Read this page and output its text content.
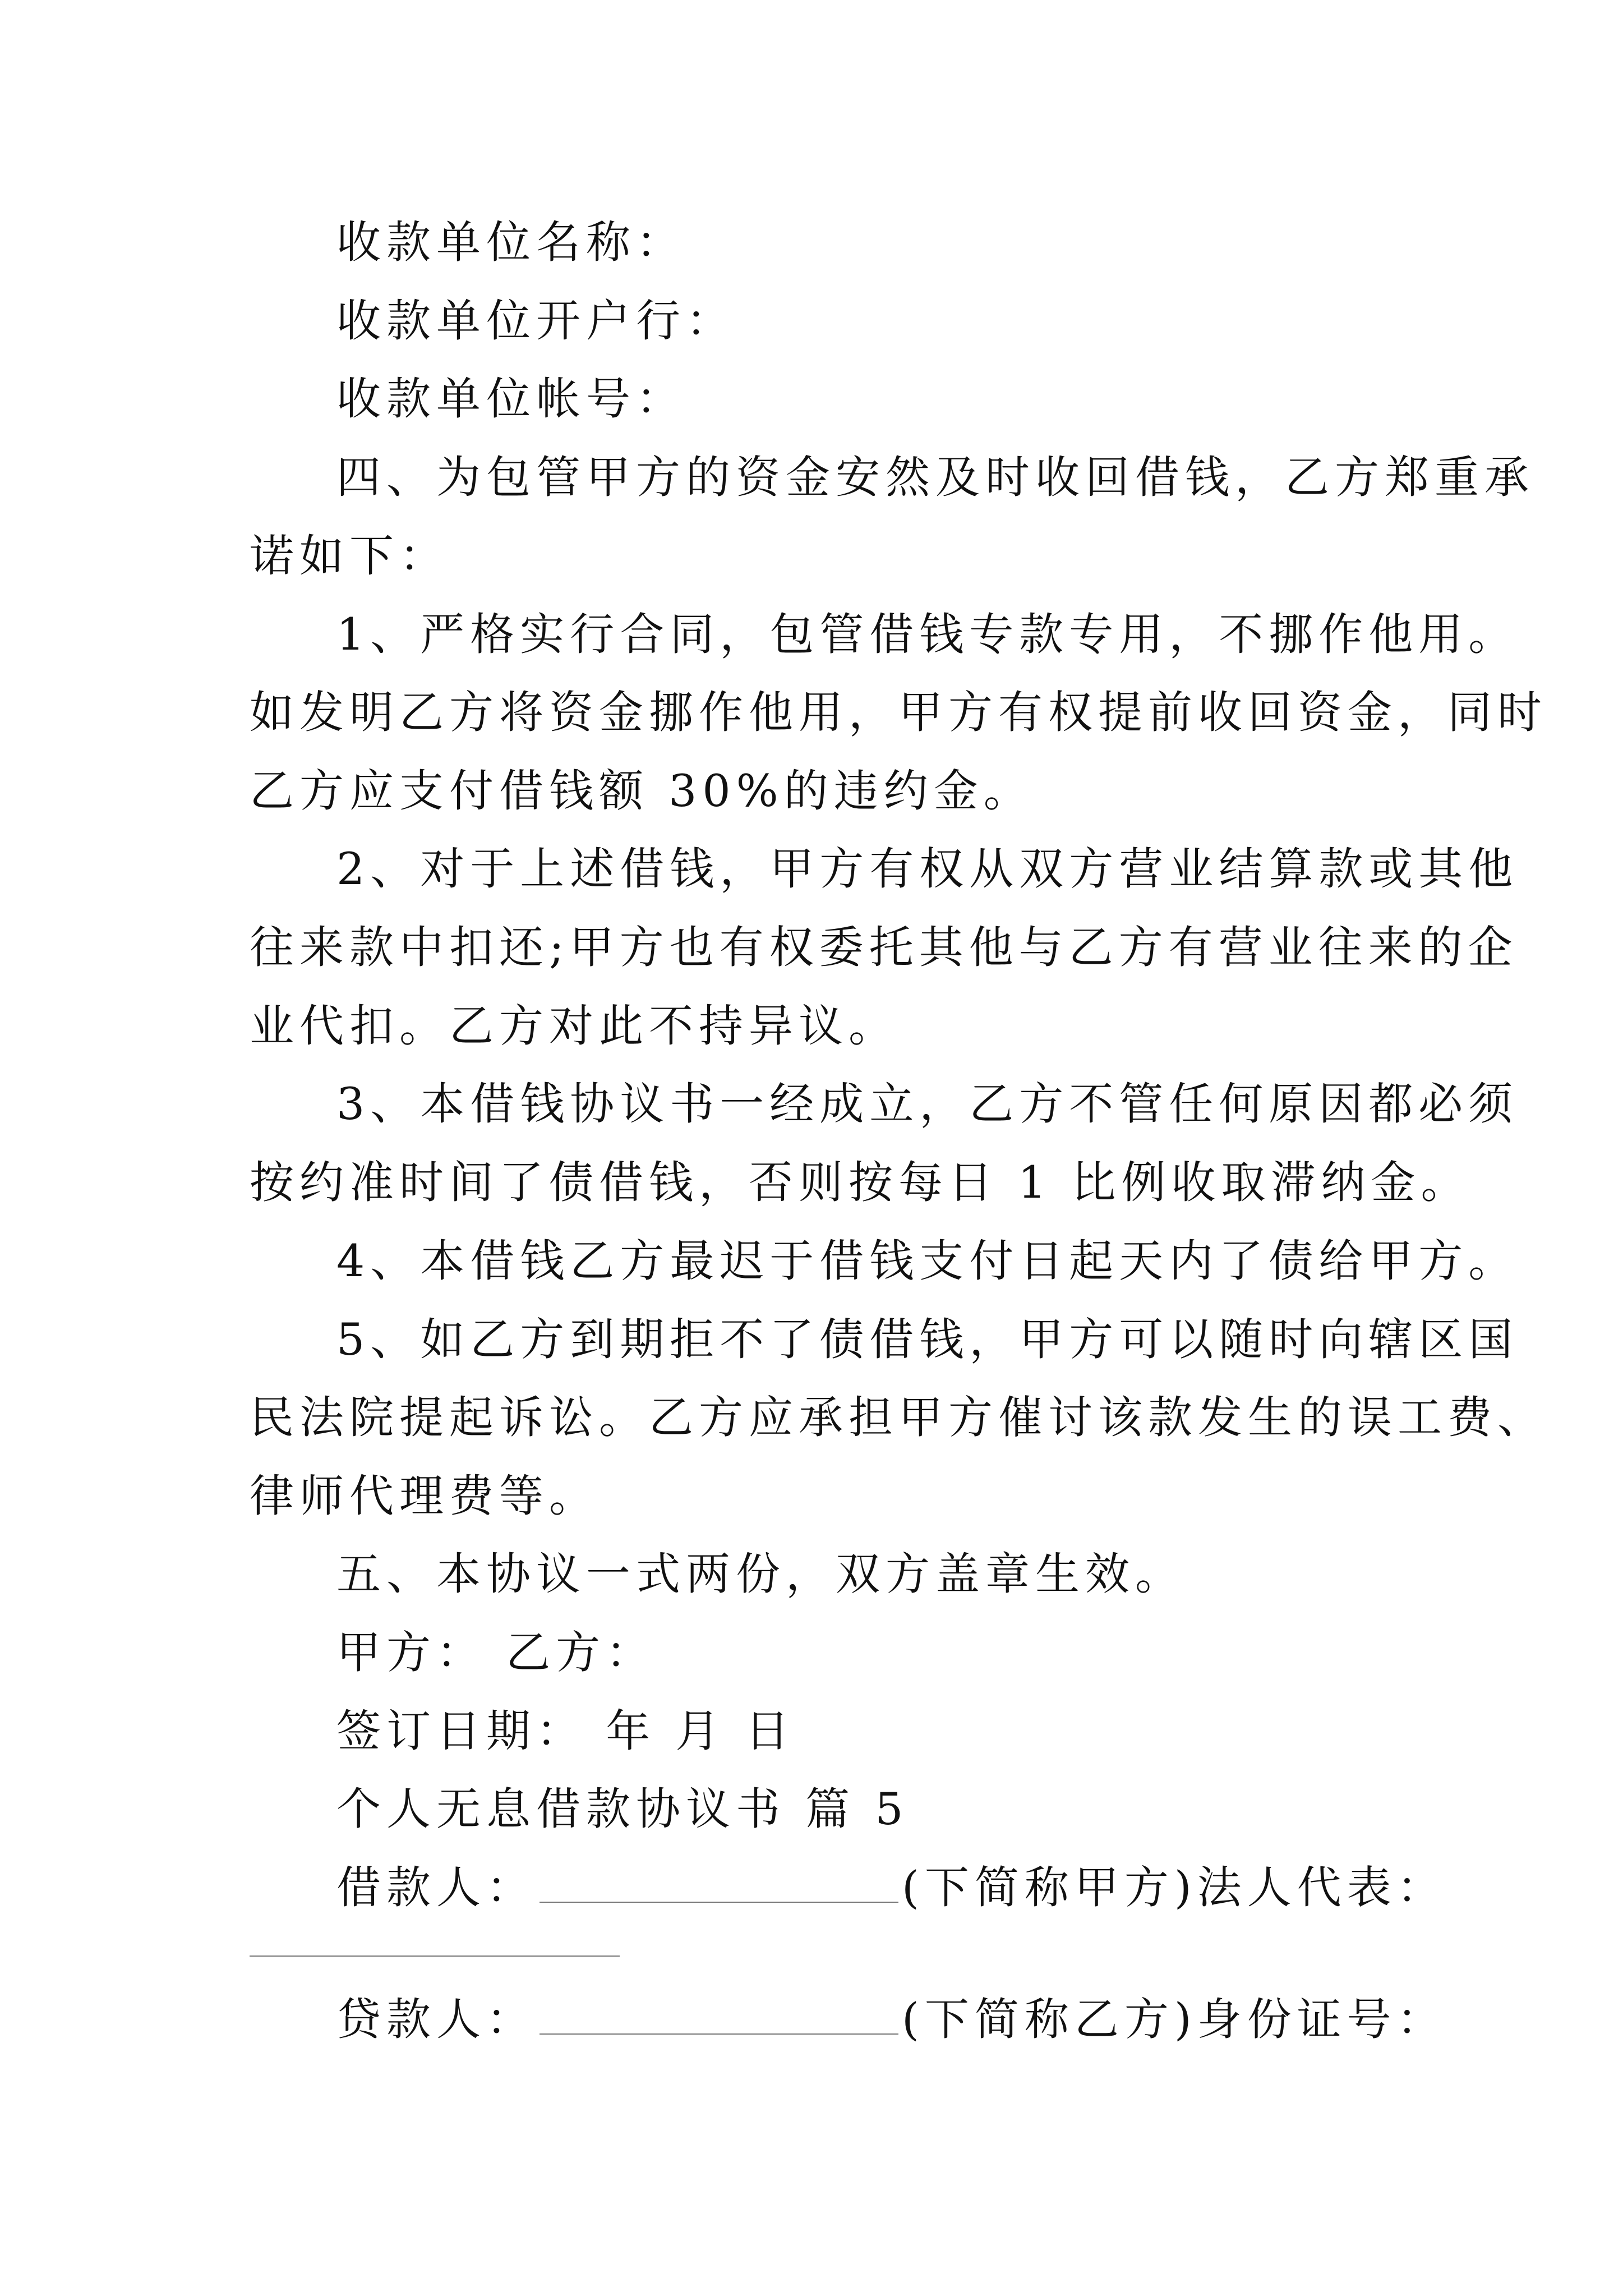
收款单位名称：
收款单位开户行：
收款单位帐号：
四、为包管甲方的资金安然及时收回借钱，乙方郑重承
诺如下：
1、严格实行合同，包管借钱专款专用，不挪作他用。
如发明乙方将资金挪作他用，甲方有权提前收回资金，同时
乙方应支付借钱额 30%的违约金。
2、对于上述借钱，甲方有权从双方营业结算款或其他
往来款中扣还;甲方也有权委托其他与乙方有营业往来的企
业代扣。乙方对此不持异议。
3、本借钱协议书一经成立，乙方不管任何原因都必须
按约准时间了债借钱，否则按每日 1 比例收取滞纳金。
4、本借钱乙方最迟于借钱支付日起天内了债给甲方。
5、如乙方到期拒不了债借钱，甲方可以随时向辖区国
民法院提起诉讼。乙方应承担甲方催讨该款发生的误工费、
律师代理费等。
五、本协议一式两份，双方盖章生效。
甲方： 乙方：
签订日期： 年 月 日
个人无息借款协议书 篇 5
借款人：	(下简称甲方)法人代表：
贷款人：	(下简称乙方)身份证号：
